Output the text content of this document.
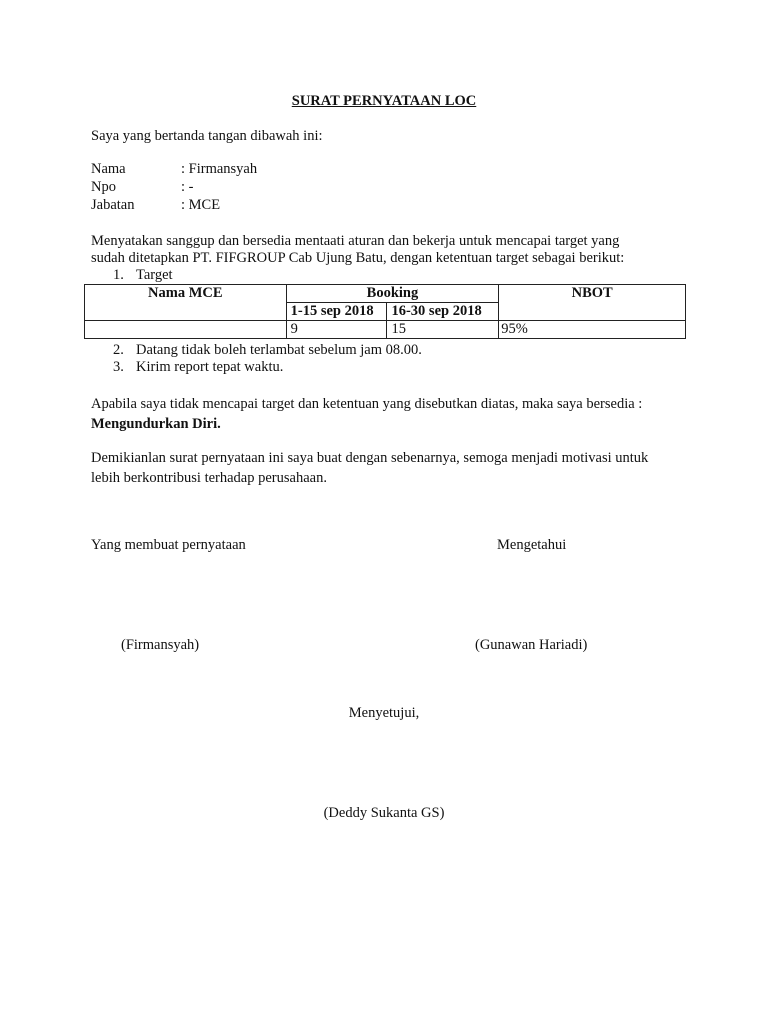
SURAT PERNYATAAN LOC
Saya yang bertanda tangan dibawah ini:
Nama	: Firmansyah
Npo	: -
Jabatan	: MCE
Menyatakan sanggup dan bersedia mentaati aturan dan bekerja untuk mencapai target yang
sudah ditetapkan PT. FIFGROUP Cab Ujung Batu, dengan ketentuan target sebagai berikut:
1. Target
Nama MCE	Booking		NBOT
	1-15 sep 2018	16-30 sep 2018	
	9	15	95%
2. Datang tidak boleh terlambat sebelum jam 08.00.
3. Kirim report tepat waktu.
Apabila saya tidak mencapai target dan ketentuan yang disebutkan diatas, maka saya bersedia :
Mengundurkan Diri.
Demikianlan surat pernyataan ini saya buat dengan sebenarnya, semoga menjadi motivasi untuk
lebih berkontribusi terhadap perusahaan.
Yang membuat pernyataan	Mengetahui
(Firmansyah)	(Gunawan Hariadi)
Menyetujui,
(Deddy Sukanta GS)
